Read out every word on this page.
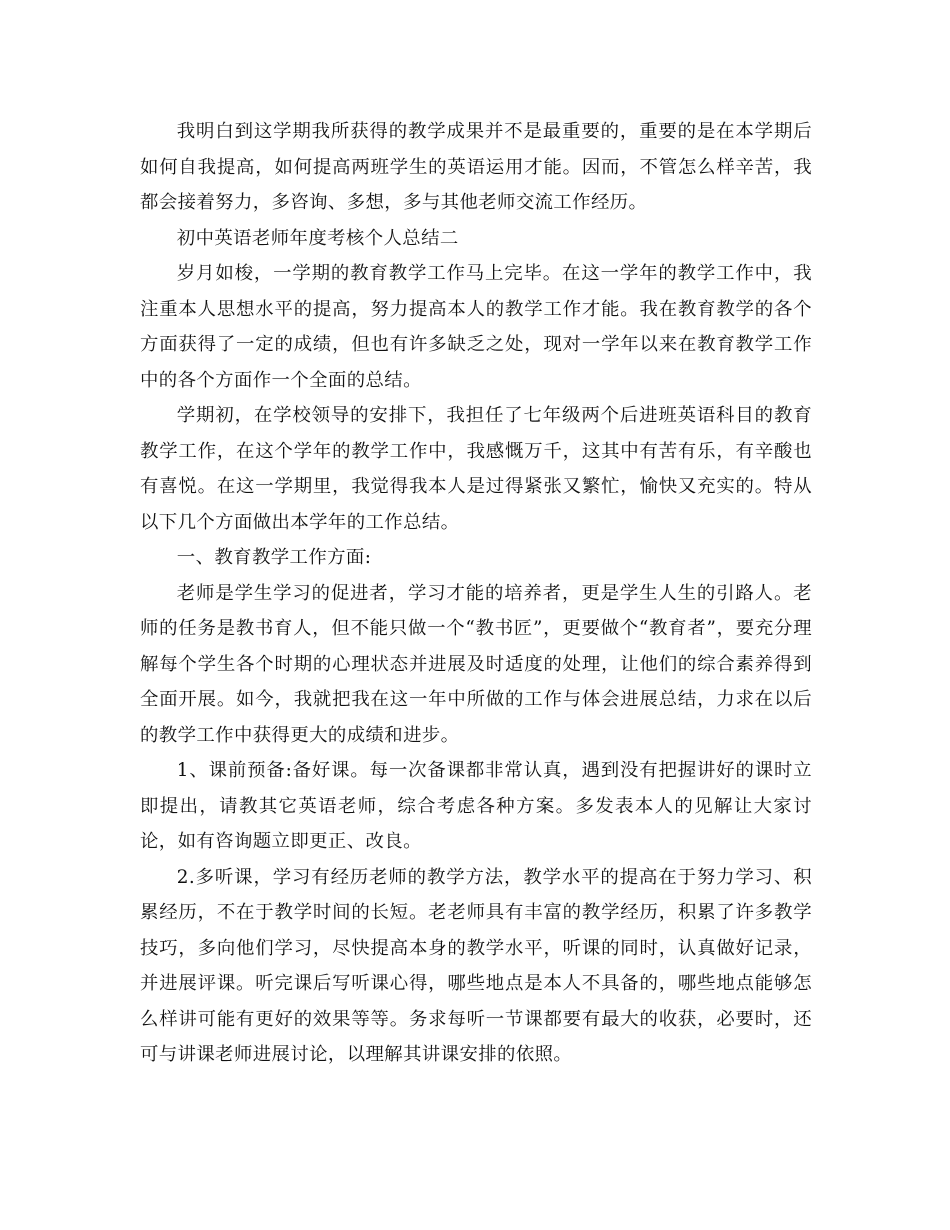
我明白到这学期我所获得的教学成果并不是最重要的，重要的是在本学期后如何自我提高，如何提高两班学生的英语运用才能。因而，不管怎么样辛苦，我都会接着努力，多咨询、多想，多与其他老师交流工作经历。

初中英语老师年度考核个人总结二

岁月如梭，一学期的教育教学工作马上完毕。在这一学年的教学工作中，我注重本人思想水平的提高，努力提高本人的教学工作才能。我在教育教学的各个方面获得了一定的成绩，但也有许多缺乏之处，现对一学年以来在教育教学工作中的各个方面作一个全面的总结。

学期初，在学校领导的安排下，我担任了七年级两个后进班英语科目的教育教学工作，在这个学年的教学工作中，我感慨万千，这其中有苦有乐，有辛酸也有喜悦。在这一学期里，我觉得我本人是过得紧张又繁忙，愉快又充实的。特从以下几个方面做出本学年的工作总结。

一、教育教学工作方面:

老师是学生学习的促进者，学习才能的培养者，更是学生人生的引路人。老师的任务是教书育人，但不能只做一个“教书匠”，更要做个“教育者”，要充分理解每个学生各个时期的心理状态并进展及时适度的处理，让他们的综合素养得到全面开展。如今，我就把我在这一年中所做的工作与体会进展总结，力求在以后的教学工作中获得更大的成绩和进步。

1、课前预备:备好课。每一次备课都非常认真，遇到没有把握讲好的课时立即提出，请教其它英语老师，综合考虑各种方案。多发表本人的见解让大家讨论，如有咨询题立即更正、改良。

2.多听课，学习有经历老师的教学方法，教学水平的提高在于努力学习、积累经历，不在于教学时间的长短。老老师具有丰富的教学经历，积累了许多教学技巧，多向他们学习，尽快提高本身的教学水平，听课的同时，认真做好记录，并进展评课。听完课后写听课心得，哪些地点是本人不具备的，哪些地点能够怎么样讲可能有更好的效果等等。务求每听一节课都要有最大的收获，必要时，还可与讲课老师进展讨论，以理解其讲课安排的依照。
